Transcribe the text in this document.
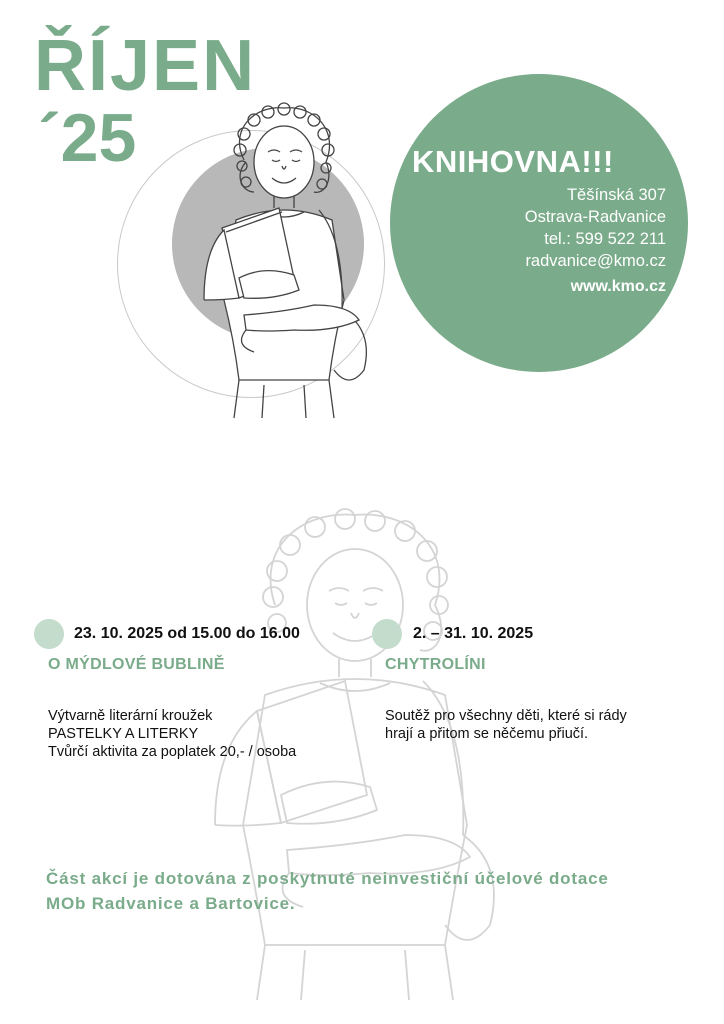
ŘÍJEN
´25	KNIHOVNA!!!
Těšínská 307
Ostrava-Radvanice
tel.: 599 522 211
radvanice@kmo.cz
www.kmo.cz
23. 10. 2025 od 15.00 do 16.00
O MÝDLOVÉ BUBLINĚ
Výtvarně literární kroužek
PASTELKY A LITERKY
Tvůrčí aktivita za poplatek 20,- / osoba
2. – 31. 10. 2025
CHYTROLÍNI
Soutěž pro všechny děti, které si rády
hrají a přitom se něčemu přiučí.
Část akcí je dotována z poskytnuté neinvestiční účelové dotace
MOb Radvanice a Bartovice.
